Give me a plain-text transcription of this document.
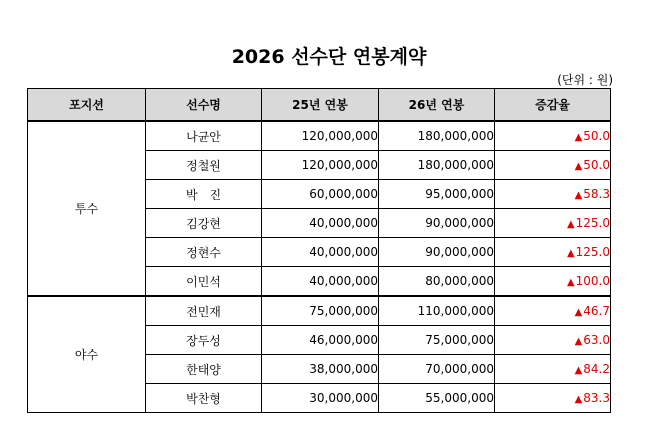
2026 선수단 연봉계약
(단위 : 원)
포지션	선수명	25년 연봉	26년 연봉	증감율
투수	나균안	120,000,000	180,000,000	▲50.0
	정철원	120,000,000	180,000,000	▲50.0
	박　진	60,000,000	95,000,000	▲58.3
	김강현	40,000,000	90,000,000	▲125.0
	정현수	40,000,000	90,000,000	▲125.0
	이민석	40,000,000	80,000,000	▲100.0
야수	전민재	75,000,000	110,000,000	▲46.7
	장두성	46,000,000	75,000,000	▲63.0
	한태양	38,000,000	70,000,000	▲84.2
	박찬형	30,000,000	55,000,000	▲83.3
